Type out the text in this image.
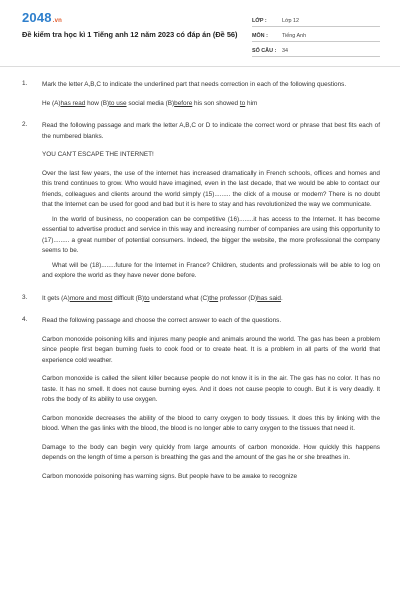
2048.vn
Đề kiểm tra học kì 1 Tiếng anh 12 năm 2023 có đáp án (Đề 56)
LỚP :	Lớp 12
MÔN :	Tiếng Anh
SỐ CÂU :	34
1. Mark the letter A,B,C to indicate the underlined part that needs correction in each of the following questions.

He (A)has read how (B)to use social media (B)before his son showed to him

2. Read the following passage and mark the letter A,B,C or D to indicate the correct word or phrase that best fits each of the numbered blanks.

YOU CAN'T ESCAPE THE INTERNET!

Over the last few years, the use of the internet has increased dramatically in French schools, offices and homes and this trend continues to grow. Who would have imagined, even in the last decade, that we would be able to contact our friends, colleagues and clients around the world simply (15)......... the click of a mouse or modem? There is no doubt that the Internet can be used for good and bad but it is here to stay and has revolutionized the way we communicate.

In the world of business, no cooperation can be competitive (16)........it has access to the Internet. It has become essential to advertise product and service in this way and increasing number of companies are using this opportunity to (17)......... a great number of potential consumers. Indeed, the bigger the website, the more professional the company seems to be.

What will be (18)........future for the Internet in France? Children, students and professionals will be able to log on and explore the world as they have never done before.

3. It gets (A)more and most difficult (B)to understand what (C)the professor (D)has said.

4. Read the following passage and choose the correct answer to each of the questions.

Carbon monoxide poisoning kills and injures many people and animals around the world. The gas has been a problem since people first began burning fuels to cook food or to create heat. It is a problem in all parts of the world that experience cold weather.

Carbon monoxide is called the silent killer because people do not know it is in the air. The gas has no color. It has no taste. It has no smell. It does not cause burning eyes. And it does not cause people to cough. But it is very deadly. It robs the body of its ability to use oxygen.

Carbon monoxide decreases the ability of the blood to carry oxygen to body tissues. It does this by linking with the blood. When the gas links with the blood, the blood is no longer able to carry oxygen to the tissues that need it.

Damage to the body can begin very quickly from large amounts of carbon monoxide. How quickly this happens depends on the length of time a person is breathing the gas and the amount of the gas he or she breathes in.

Carbon monoxide poisoning has warning signs. But people have to be awake to recognize
